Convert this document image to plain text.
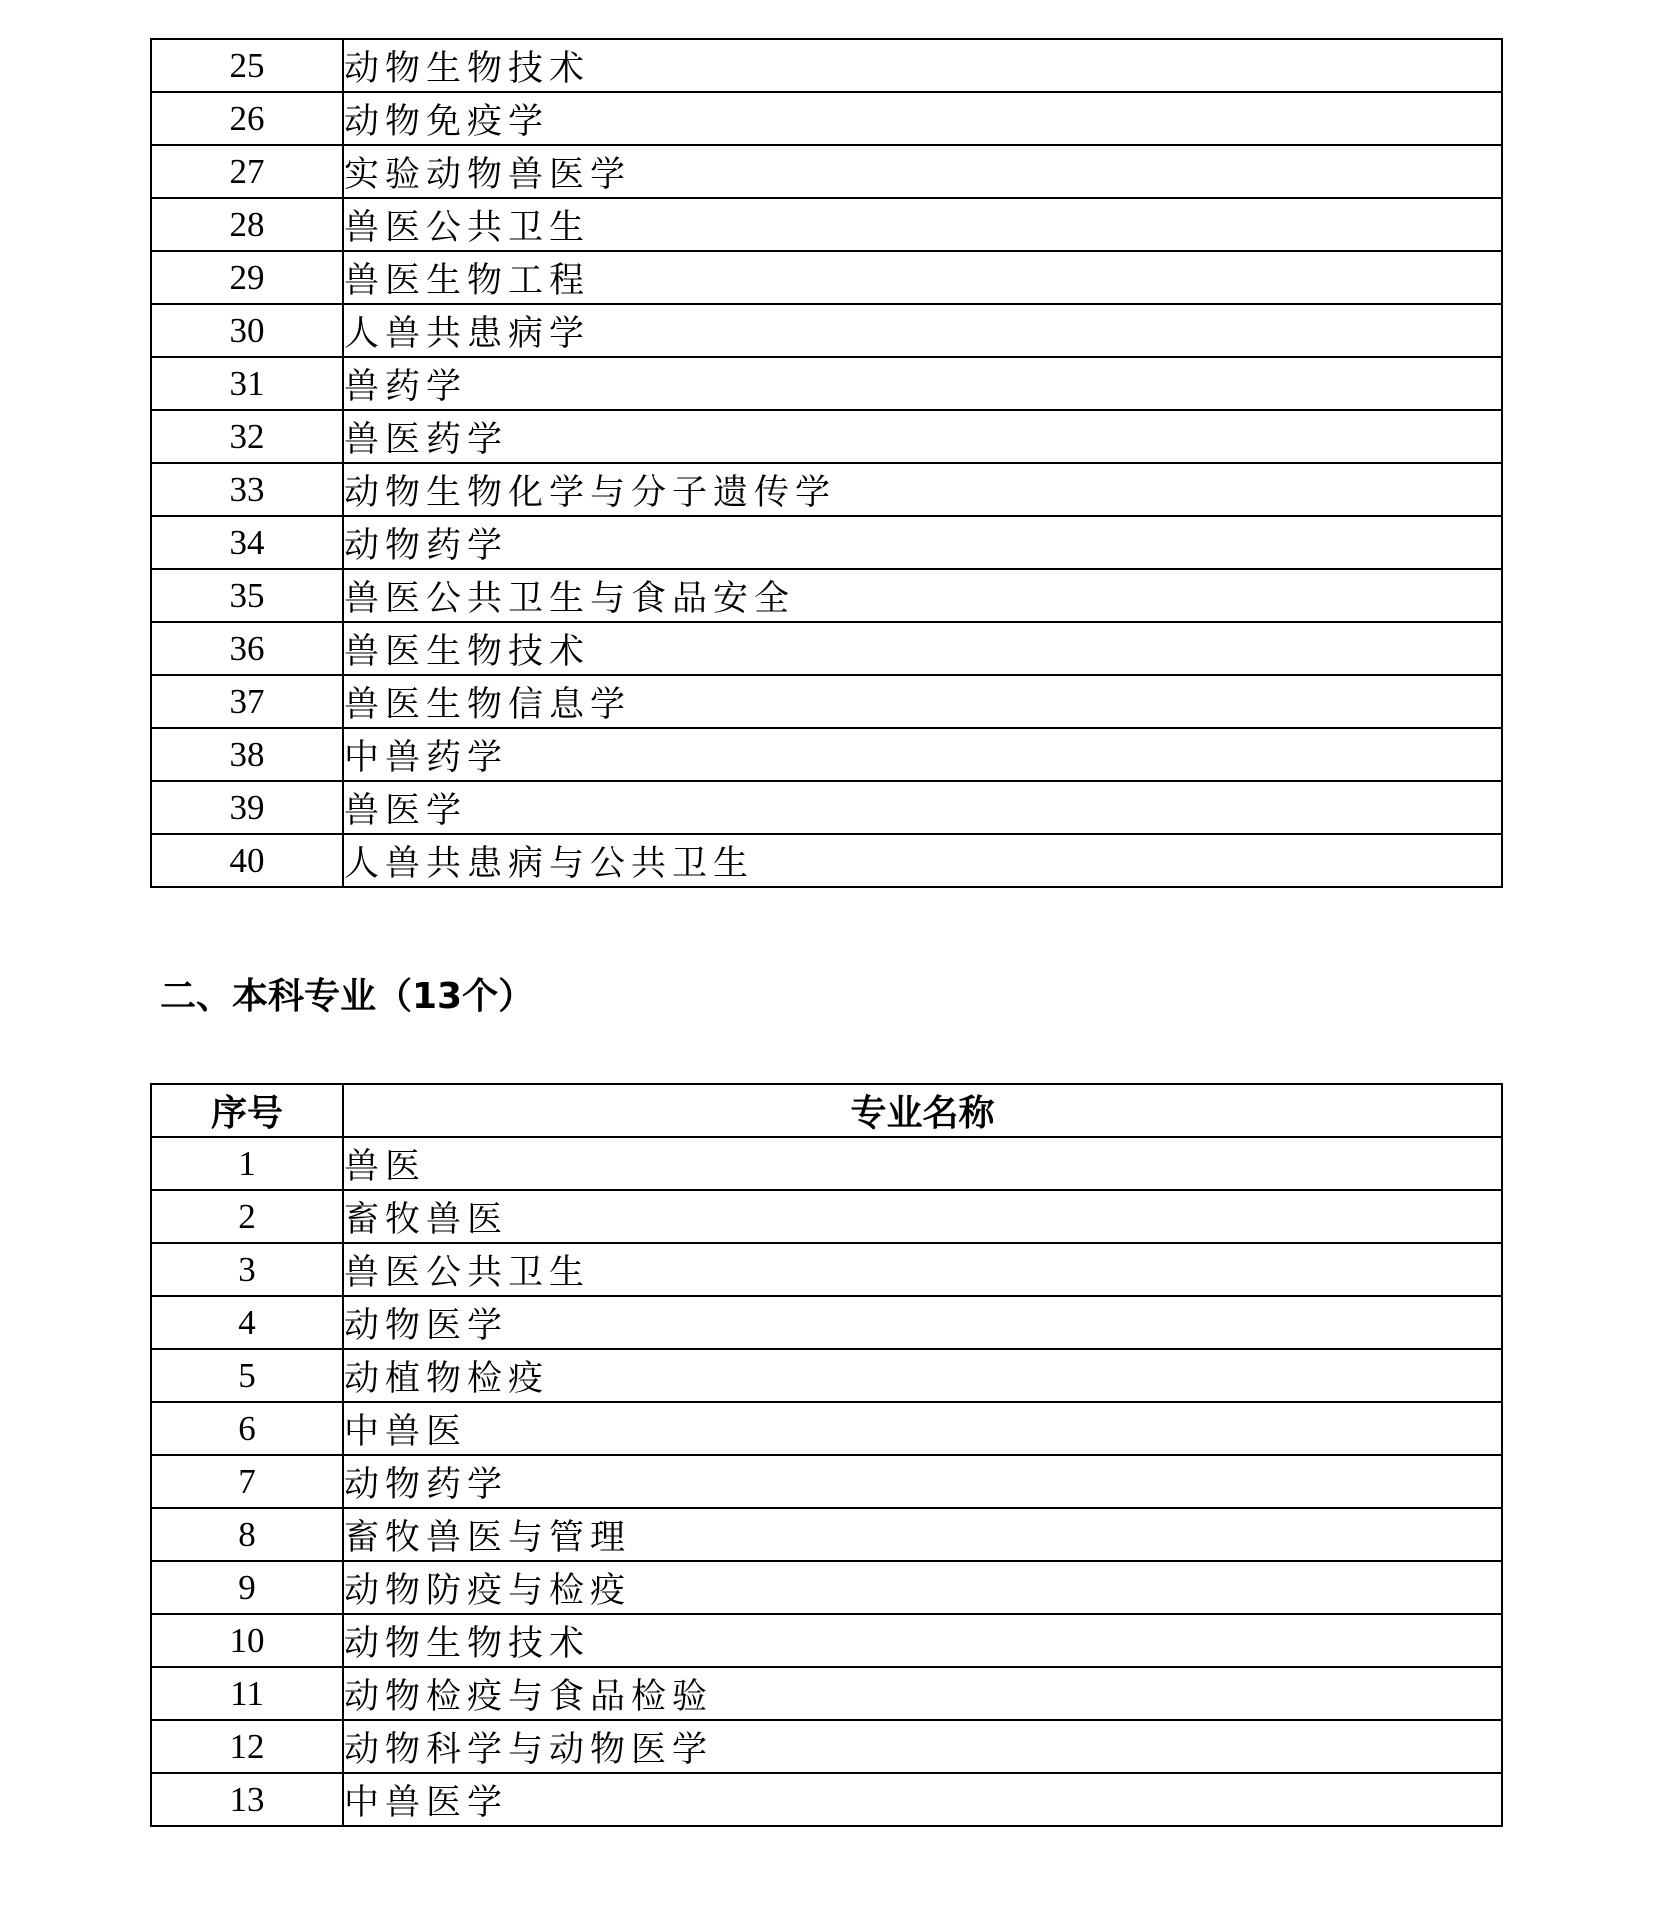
25	动物生物技术
26	动物免疫学
27	实验动物兽医学
28	兽医公共卫生
29	兽医生物工程
30	人兽共患病学
31	兽药学
32	兽医药学
33	动物生物化学与分子遗传学
34	动物药学
35	兽医公共卫生与食品安全
36	兽医生物技术
37	兽医生物信息学
38	中兽药学
39	兽医学
40	人兽共患病与公共卫生
二、本科专业（13个）
序号	专业名称
1	兽医
2	畜牧兽医
3	兽医公共卫生
4	动物医学
5	动植物检疫
6	中兽医
7	动物药学
8	畜牧兽医与管理
9	动物防疫与检疫
10	动物生物技术
11	动物检疫与食品检验
12	动物科学与动物医学
13	中兽医学
